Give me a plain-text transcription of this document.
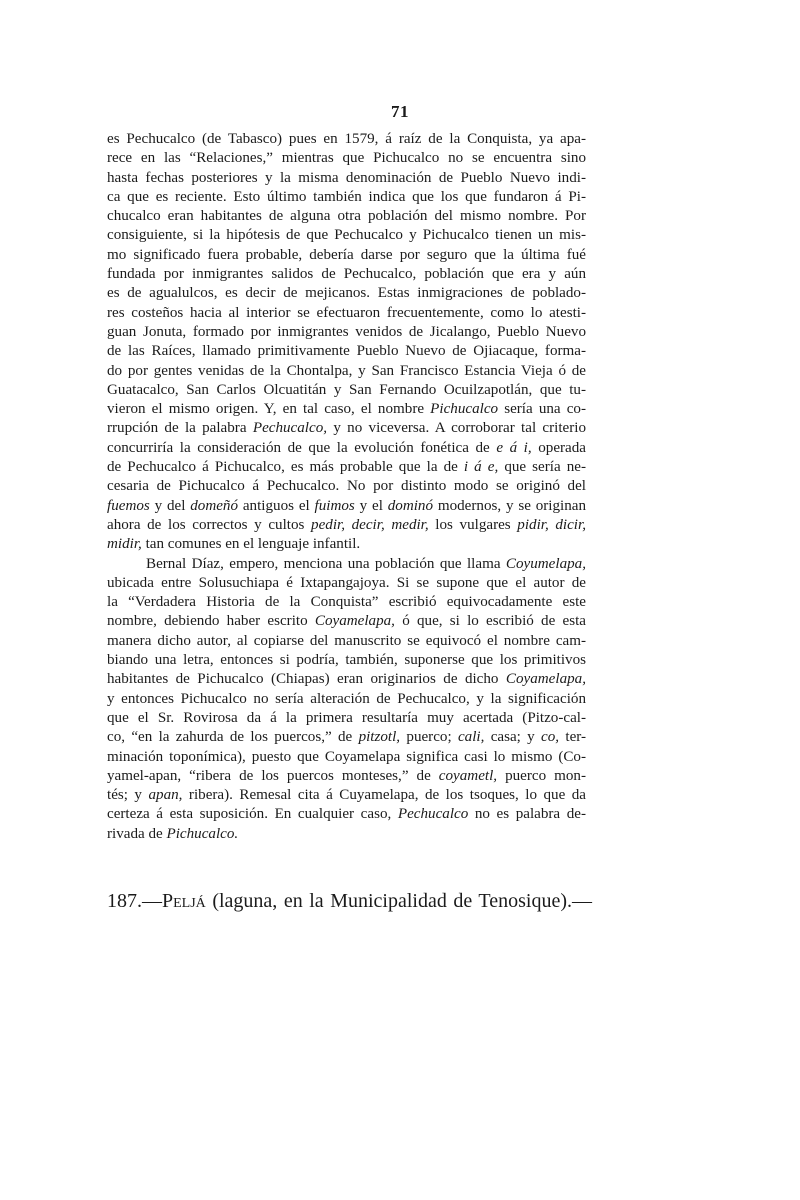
71
es Pechucalco (de Tabasco) pues en 1579, á raíz de la Conquista, ya apa-
rece en las “Relaciones,” mientras que Pichucalco no se encuentra sino
hasta fechas posteriores y la misma denominación de Pueblo Nuevo indi-
ca que es reciente. Esto último también indica que los que fundaron á Pi-
chucalco eran habitantes de alguna otra población del mismo nombre. Por
consiguiente, si la hipótesis de que Pechucalco y Pichucalco tienen un mis-
mo significado fuera probable, debería darse por seguro que la última fué
fundada por inmigrantes salidos de Pechucalco, población que era y aún
es de agualulcos, es decir de mejicanos. Estas inmigraciones de poblado-
res costeños hacia al interior se efectuaron frecuentemente, como lo atesti-
guan Jonuta, formado por inmigrantes venidos de Jicalango, Pueblo Nuevo
de las Raíces, llamado primitivamente Pueblo Nuevo de Ojiacaque, forma-
do por gentes venidas de la Chontalpa, y San Francisco Estancia Vieja ó de
Guatacalco, San Carlos Olcuatitán y San Fernando Ocuilzapotlán, que tu-
vieron el mismo origen. Y, en tal caso, el nombre Pichucalco sería una co-
rrupción de la palabra Pechucalco, y no viceversa. A corroborar tal criterio
concurriría la consideración de que la evolución fonética de e á i, operada
de Pechucalco á Pichucalco, es más probable que la de i á e, que sería ne-
cesaria de Pichucalco á Pechucalco. No por distinto modo se originó del
fuemos y del domeñó antiguos el fuimos y el dominó modernos, y se originan
ahora de los correctos y cultos pedir, decir, medir, los vulgares pidir, dicir,
midir, tan comunes en el lenguaje infantil.
Bernal Díaz, empero, menciona una población que llama Coyumelapa,
ubicada entre Solusuchiapa é Ixtapangajoya. Si se supone que el autor de
la “Verdadera Historia de la Conquista” escribió equivocadamente este
nombre, debiendo haber escrito Coyamelapa, ó que, si lo escribió de esta
manera dicho autor, al copiarse del manuscrito se equivocó el nombre cam-
biando una letra, entonces si podría, también, suponerse que los primitivos
habitantes de Pichucalco (Chiapas) eran originarios de dicho Coyamelapa,
y entonces Pichucalco no sería alteración de Pechucalco, y la significación
que el Sr. Rovirosa da á la primera resultaría muy acertada (Pitzo-cal-
co, “en la zahurda de los puercos,” de pitzotl, puerco; cali, casa; y co, ter-
minación toponímica), puesto que Coyamelapa significa casi lo mismo (Co-
yamel-apan, “ribera de los puercos monteses,” de coyametl, puerco mon-
tés; y apan, ribera). Remesal cita á Cuyamelapa, de los tsoques, lo que da
certeza á esta suposición. En cualquier caso, Pechucalco no es palabra de-
rivada de Pichucalco.
187.—Peljá (laguna, en la Municipalidad de Tenosique).—
